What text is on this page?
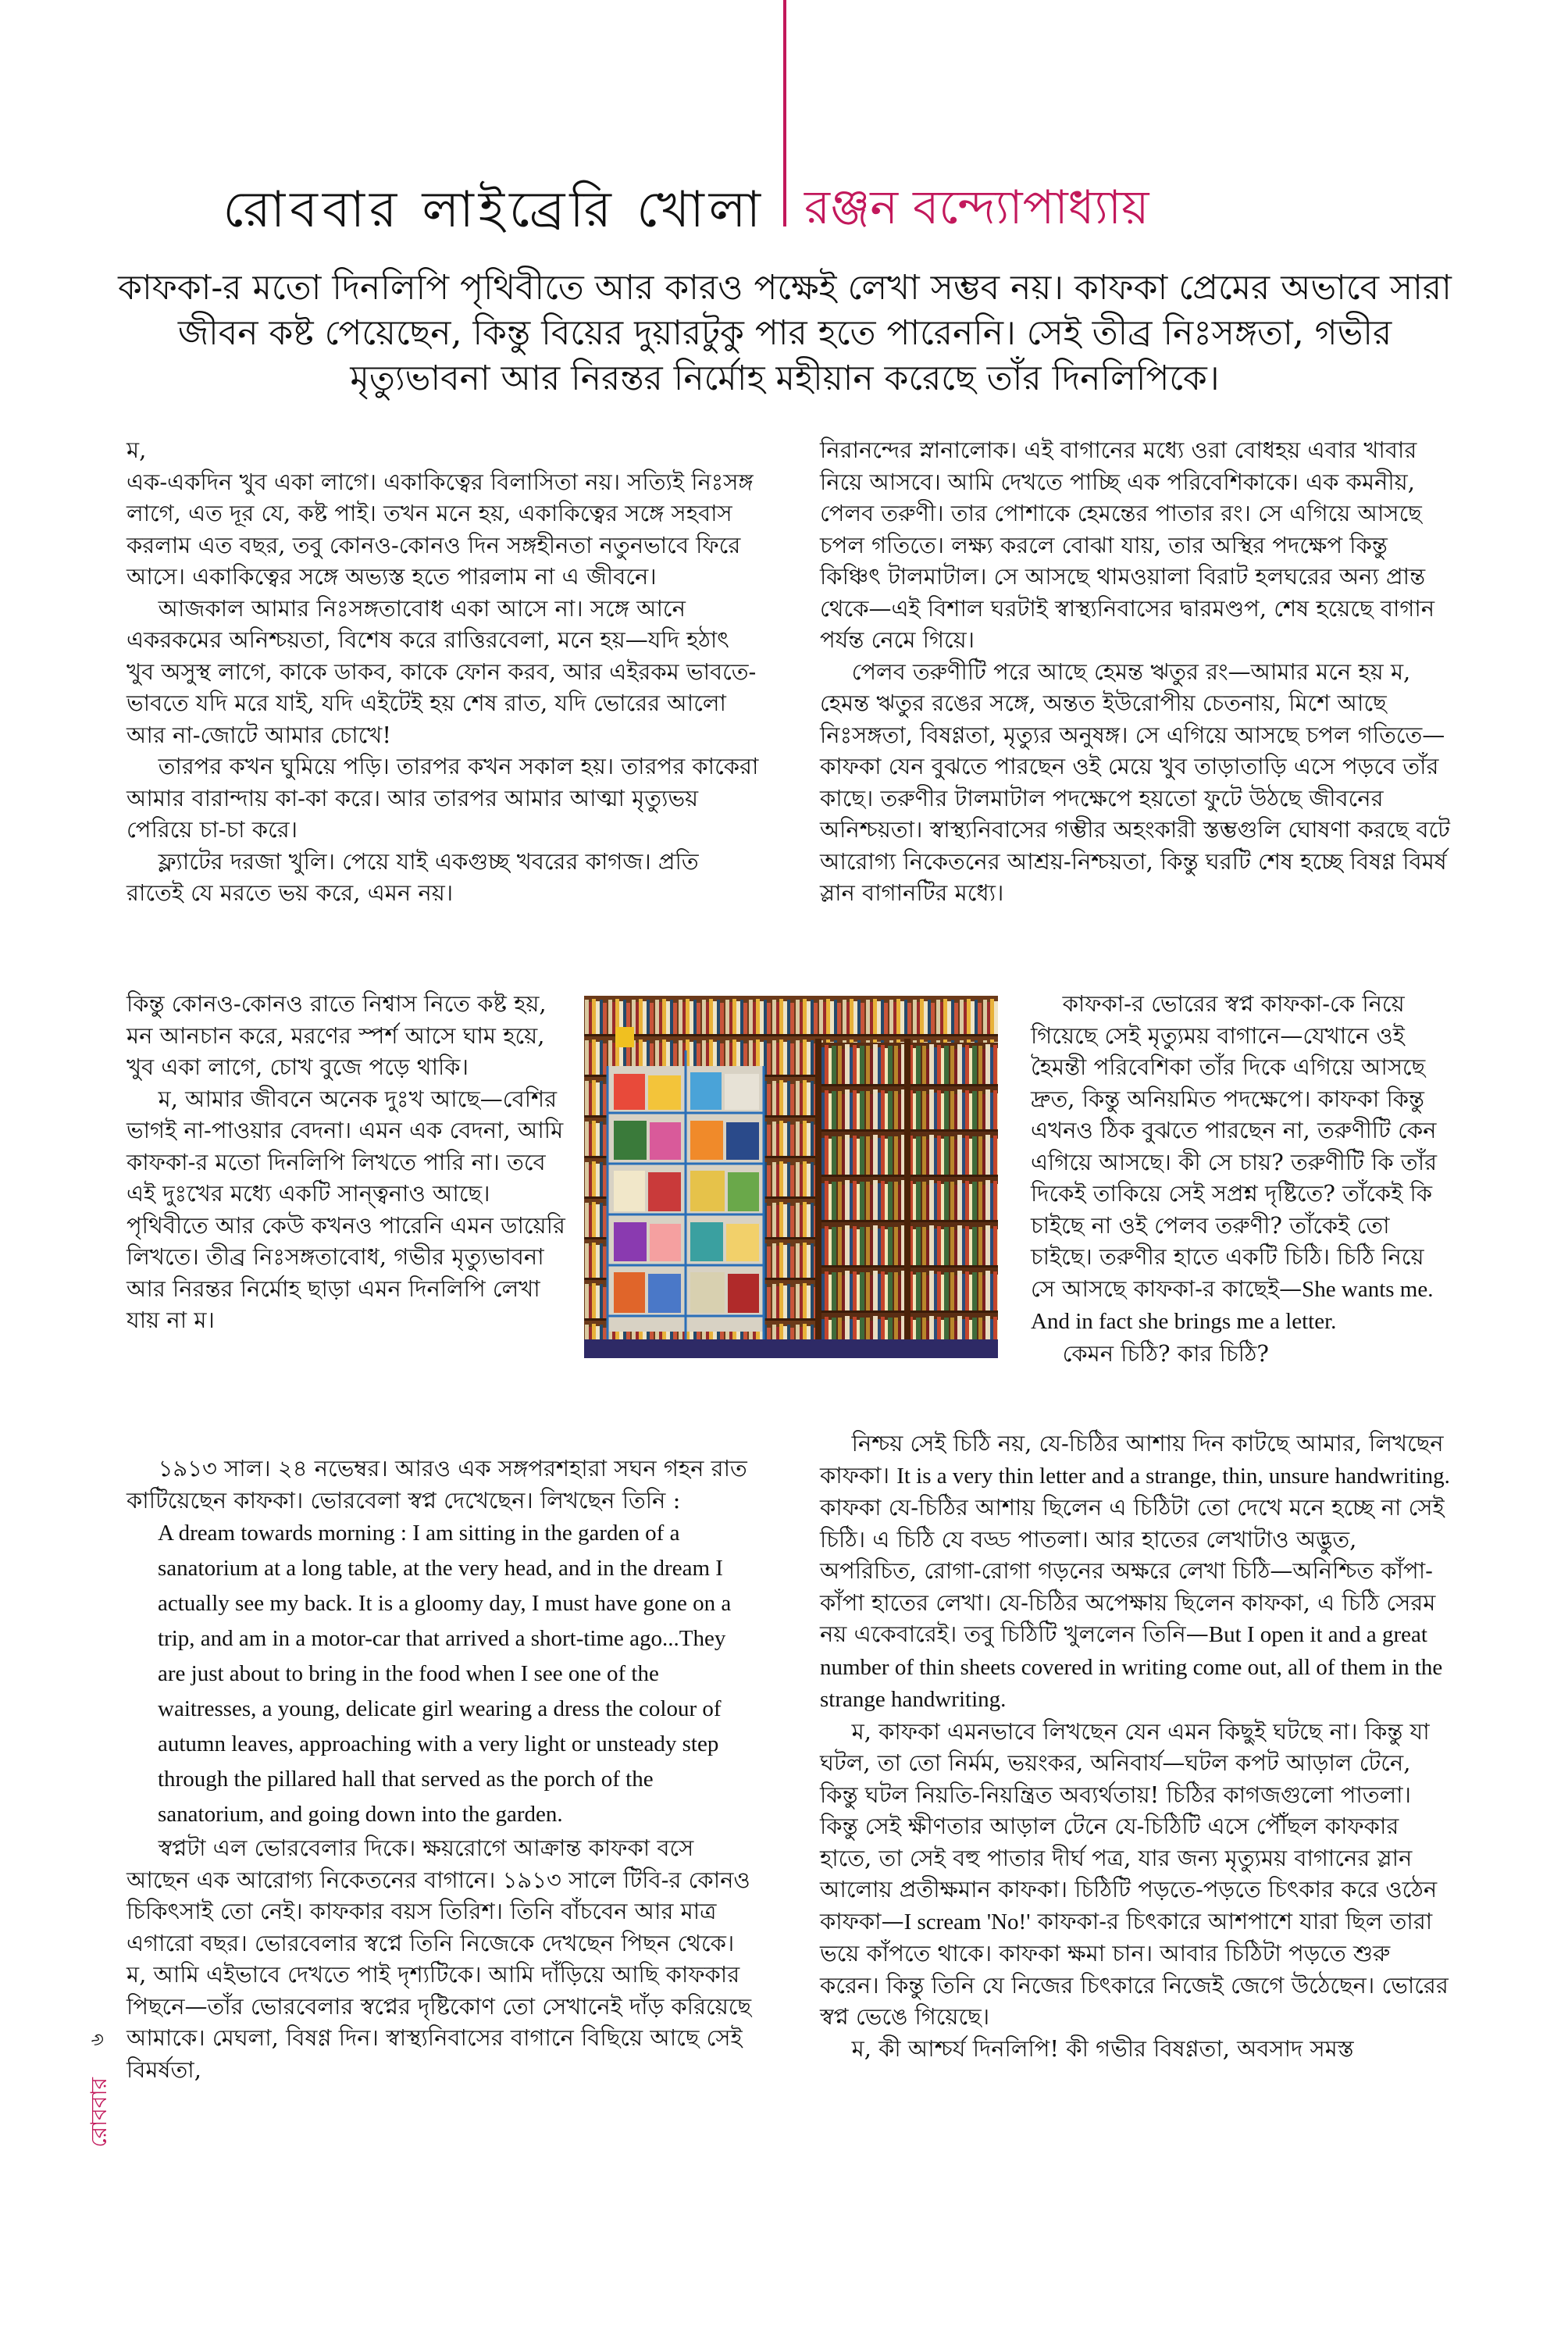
রোববার লাইব্রেরি খোলা রঞ্জন বন্দ্যোপাধ্যায়
কাফকা-র মতো দিনলিপি পৃথিবীতে আর কারও পক্ষেই লেখা সম্ভব নয়। কাফকা প্রেমের অভাবে সারা জীবন কষ্ট পেয়েছেন, কিন্তু বিয়ের দুয়ারটুকু পার হতে পারেননি। সেই তীব্র নিঃসঙ্গতা, গভীর মৃত্যুভাবনা আর নিরন্তর নির্মোহ মহীয়ান করেছে তাঁর দিনলিপিকে।

ম,

এক-একদিন খুব একা লাগে। একাকিত্বের বিলাসিতা নয়। সত্যিই নিঃসঙ্গ লাগে, এত দূর যে, কষ্ট পাই। তখন মনে হয়, একাকিত্বের সঙ্গে সহবাস করলাম এত বছর, তবু কোনও-কোনও দিন সঙ্গহীনতা নতুনভাবে ফিরে আসে। একাকিত্বের সঙ্গে অভ্যস্ত হতে পারলাম না এ জীবনে।

আজকাল আমার নিঃসঙ্গতাবোধ একা আসে না। সঙ্গে আনে একরকমের অনিশ্চয়তা, বিশেষ করে রাত্তিরবেলা, মনে হয়—যদি হঠাৎ খুব অসুস্থ লাগে, কাকে ডাকব, কাকে ফোন করব, আর এইরকম ভাবতে-ভাবতে যদি মরে যাই, যদি এইটেই হয় শেষ রাত, যদি ভোরের আলো আর না-জোটে আমার চোখে!

তারপর কখন ঘুমিয়ে পড়ি। তারপর কখন সকাল হয়। তারপর কাকেরা আমার বারান্দায় কা-কা করে। আর তারপর আমার আত্মা মৃত্যুভয় পেরিয়ে চা-চা করে।

ফ্ল্যাটের দরজা খুলি। পেয়ে যাই একগুচ্ছ খবরের কাগজ। প্রতি রাতেই যে মরতে ভয় করে, এমন নয়।

কিন্তু কোনও-কোনও রাতে নিশ্বাস নিতে কষ্ট হয়, মন আনচান করে, মরণের স্পর্শ আসে ঘাম হয়ে, খুব একা লাগে, চোখ বুজে পড়ে থাকি।

ম, আমার জীবনে অনেক দুঃখ আছে—বেশির ভাগই না-পাওয়ার বেদনা। এমন এক বেদনা, আমি কাফকা-র মতো দিনলিপি লিখতে পারি না। তবে এই দুঃখের মধ্যে একটি সান্ত্বনাও আছে। পৃথিবীতে আর কেউ কখনও পারেনি এমন ডায়েরি লিখতে। তীব্র নিঃসঙ্গতাবোধ, গভীর মৃত্যুভাবনা আর নিরন্তর নির্মোহ ছাড়া এমন দিনলিপি লেখা যায় না ম।

১৯১৩ সাল। ২৪ নভেম্বর। আরও এক সঙ্গপরশহারা সঘন গহন রাত কাটিয়েছেন কাফকা। ভোরবেলা স্বপ্ন দেখেছেন। লিখছেন তিনি :

A dream towards morning : I am sitting in the garden of a sanatorium at a long table, at the very head, and in the dream I actually see my back. It is a gloomy day, I must have gone on a trip, and am in a motor-car that arrived a short-time ago...They are just about to bring in the food when I see one of the waitresses, a young, delicate girl wearing a dress the colour of autumn leaves, approaching with a very light or unsteady step through the pillared hall that served as the porch of the sanatorium, and going down into the garden.

স্বপ্নটা এল ভোরবেলার দিকে। ক্ষয়রোগে আক্রান্ত কাফকা বসে আছেন এক আরোগ্য নিকেতনের বাগানে। ১৯১৩ সালে টিবি-র কোনও চিকিৎসাই তো নেই। কাফকার বয়স তিরিশ। তিনি বাঁচবেন আর মাত্র এগারো বছর। ভোরবেলার স্বপ্নে তিনি নিজেকে দেখছেন পিছন থেকে। ম, আমি এইভাবে দেখতে পাই দৃশ্যটিকে। আমি দাঁড়িয়ে আছি কাফকার পিছনে—তাঁর ভোরবেলার স্বপ্নের দৃষ্টিকোণ তো সেখানেই দাঁড় করিয়েছে আমাকে। মেঘলা, বিষণ্ণ দিন। স্বাস্থ্যনিবাসের বাগানে বিছিয়ে আছে সেই বিমর্ষতা,

নিরানন্দের স্নানালোক। এই বাগানের মধ্যে ওরা বোধহয় এবার খাবার নিয়ে আসবে। আমি দেখতে পাচ্ছি এক পরিবেশিকাকে। এক কমনীয়, পেলব তরুণী। তার পোশাকে হেমন্তের পাতার রং। সে এগিয়ে আসছে চপল গতিতে। লক্ষ্য করলে বোঝা যায়, তার অস্থির পদক্ষেপ কিন্তু কিঞ্চিৎ টালমাটাল। সে আসছে থামওয়ালা বিরাট হলঘরের অন্য প্রান্ত থেকে—এই বিশাল ঘরটাই স্বাস্থ্যনিবাসের দ্বারমণ্ডপ, শেষ হয়েছে বাগান পর্যন্ত নেমে গিয়ে।

পেলব তরুণীটি পরে আছে হেমন্ত ঋতুর রং—আমার মনে হয় ম, হেমন্ত ঋতুর রঙের সঙ্গে, অন্তত ইউরোপীয় চেতনায়, মিশে আছে নিঃসঙ্গতা, বিষণ্ণতা, মৃত্যুর অনুষঙ্গ। সে এগিয়ে আসছে চপল গতিতে—কাফকা যেন বুঝতে পারছেন ওই মেয়ে খুব তাড়াতাড়ি এসে পড়বে তাঁর কাছে। তরুণীর টালমাটাল পদক্ষেপে হয়তো ফুটে উঠছে জীবনের অনিশ্চয়তা। স্বাস্থ্যনিবাসের গম্ভীর অহংকারী স্তম্ভগুলি ঘোষণা করছে বটে আরোগ্য নিকেতনের আশ্রয়-নিশ্চয়তা, কিন্তু ঘরটি শেষ হচ্ছে বিষণ্ণ বিমর্ষ স্লান বাগানটির মধ্যে।

কাফকা-র ভোরের স্বপ্ন কাফকা-কে নিয়ে গিয়েছে সেই মৃত্যুময় বাগানে—যেখানে ওই হৈমন্তী পরিবেশিকা তাঁর দিকে এগিয়ে আসছে দ্রুত, কিন্তু অনিয়মিত পদক্ষেপে। কাফকা কিন্তু এখনও ঠিক বুঝতে পারছেন না, তরুণীটি কেন এগিয়ে আসছে। কী সে চায়? তরুণীটি কি তাঁর দিকেই তাকিয়ে সেই সপ্রশ্ন দৃষ্টিতে? তাঁকেই কি চাইছে না ওই পেলব তরুণী? তাঁকেই তো চাইছে। তরুণীর হাতে একটি চিঠি। চিঠি নিয়ে সে আসছে কাফকা-র কাছেই—She wants me. And in fact she brings me a letter.

কেমন চিঠি? কার চিঠি?

নিশ্চয় সেই চিঠি নয়, যে-চিঠির আশায় দিন কাটছে আমার, লিখছেন কাফকা। It is a very thin letter and a strange, thin, unsure handwriting. কাফকা যে-চিঠির আশায় ছিলেন এ চিঠিটা তো দেখে মনে হচ্ছে না সেই চিঠি। এ চিঠি যে বড্ড পাতলা। আর হাতের লেখাটাও অদ্ভুত, অপরিচিত, রোগা-রোগা গড়নের অক্ষরে লেখা চিঠি—অনিশ্চিত কাঁপা-কাঁপা হাতের লেখা। যে-চিঠির অপেক্ষায় ছিলেন কাফকা, এ চিঠি সেরম নয় একেবারেই। তবু চিঠিটি খুললেন তিনি—But I open it and a great number of thin sheets covered in writing come out, all of them in the strange handwriting.

ম, কাফকা এমনভাবে লিখছেন যেন এমন কিছুই ঘটছে না। কিন্তু যা ঘটল, তা তো নির্মম, ভয়ংকর, অনিবার্য—ঘটল কপট আড়াল টেনে, কিন্তু ঘটল নিয়তি-নিয়ন্ত্রিত অব্যর্থতায়! চিঠির কাগজগুলো পাতলা। কিন্তু সেই ক্ষীণতার আড়াল টেনে যে-চিঠিটি এসে পৌঁছল কাফকার হাতে, তা সেই বহু পাতার দীর্ঘ পত্র, যার জন্য মৃত্যুময় বাগানের স্লান আলোয় প্রতীক্ষমান কাফকা। চিঠিটি পড়তে-পড়তে চিৎকার করে ওঠেন কাফকা—I scream 'No!' কাফকা-র চিৎকারে আশপাশে যারা ছিল তারা ভয়ে কাঁপতে থাকে। কাফকা ক্ষমা চান। আবার চিঠিটা পড়তে শুরু করেন। কিন্তু তিনি যে নিজের চিৎকারে নিজেই জেগে উঠেছেন। ভোরের স্বপ্ন ভেঙে গিয়েছে।

ম, কী আশ্চর্য দিনলিপি! কী গভীর বিষণ্ণতা, অবসাদ সমস্ত

৬
রোববার
